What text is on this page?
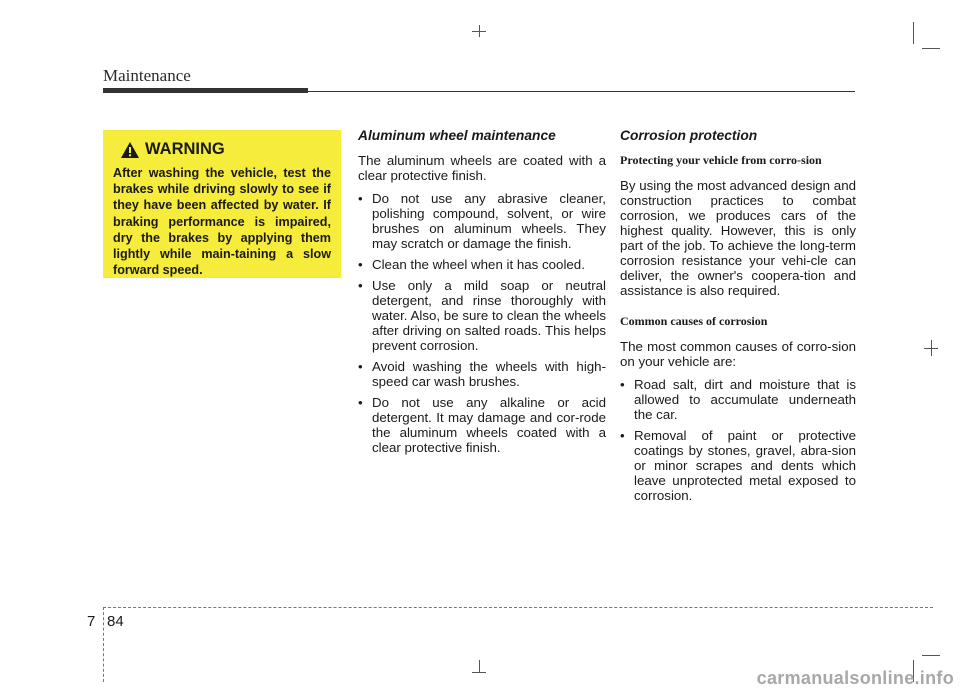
Maintenance
WARNING
After washing the vehicle, test the brakes while driving slowly to see if they have been affected by water. If braking performance is impaired, dry the brakes by applying them lightly while main-taining a slow forward speed.
Aluminum wheel maintenance

The aluminum wheels are coated with a clear protective finish.

• Do not use any abrasive cleaner, polishing compound, solvent, or wire brushes on aluminum wheels. They may scratch or damage the finish.
• Clean the wheel when it has cooled.
• Use only a mild soap or neutral detergent, and rinse thoroughly with water. Also, be sure to clean the wheels after driving on salted roads. This helps prevent corrosion.
• Avoid washing the wheels with high-speed car wash brushes.
• Do not use any alkaline or acid detergent. It may damage and cor-rode the aluminum wheels coated with a clear protective finish.
Corrosion protection

Protecting your vehicle from corro-sion

By using the most advanced design and construction practices to combat corrosion, we produces cars of the highest quality. However, this is only part of the job. To achieve the long-term corrosion resistance your vehi-cle can deliver, the owner's coopera-tion and assistance is also required.

Common causes of corrosion

The most common causes of corro-sion on your vehicle are:

• Road salt, dirt and moisture that is allowed to accumulate underneath the car.
• Removal of paint or protective coatings by stones, gravel, abra-sion or minor scrapes and dents which leave unprotected metal exposed to corrosion.
7 84
carmanualsonline.info
